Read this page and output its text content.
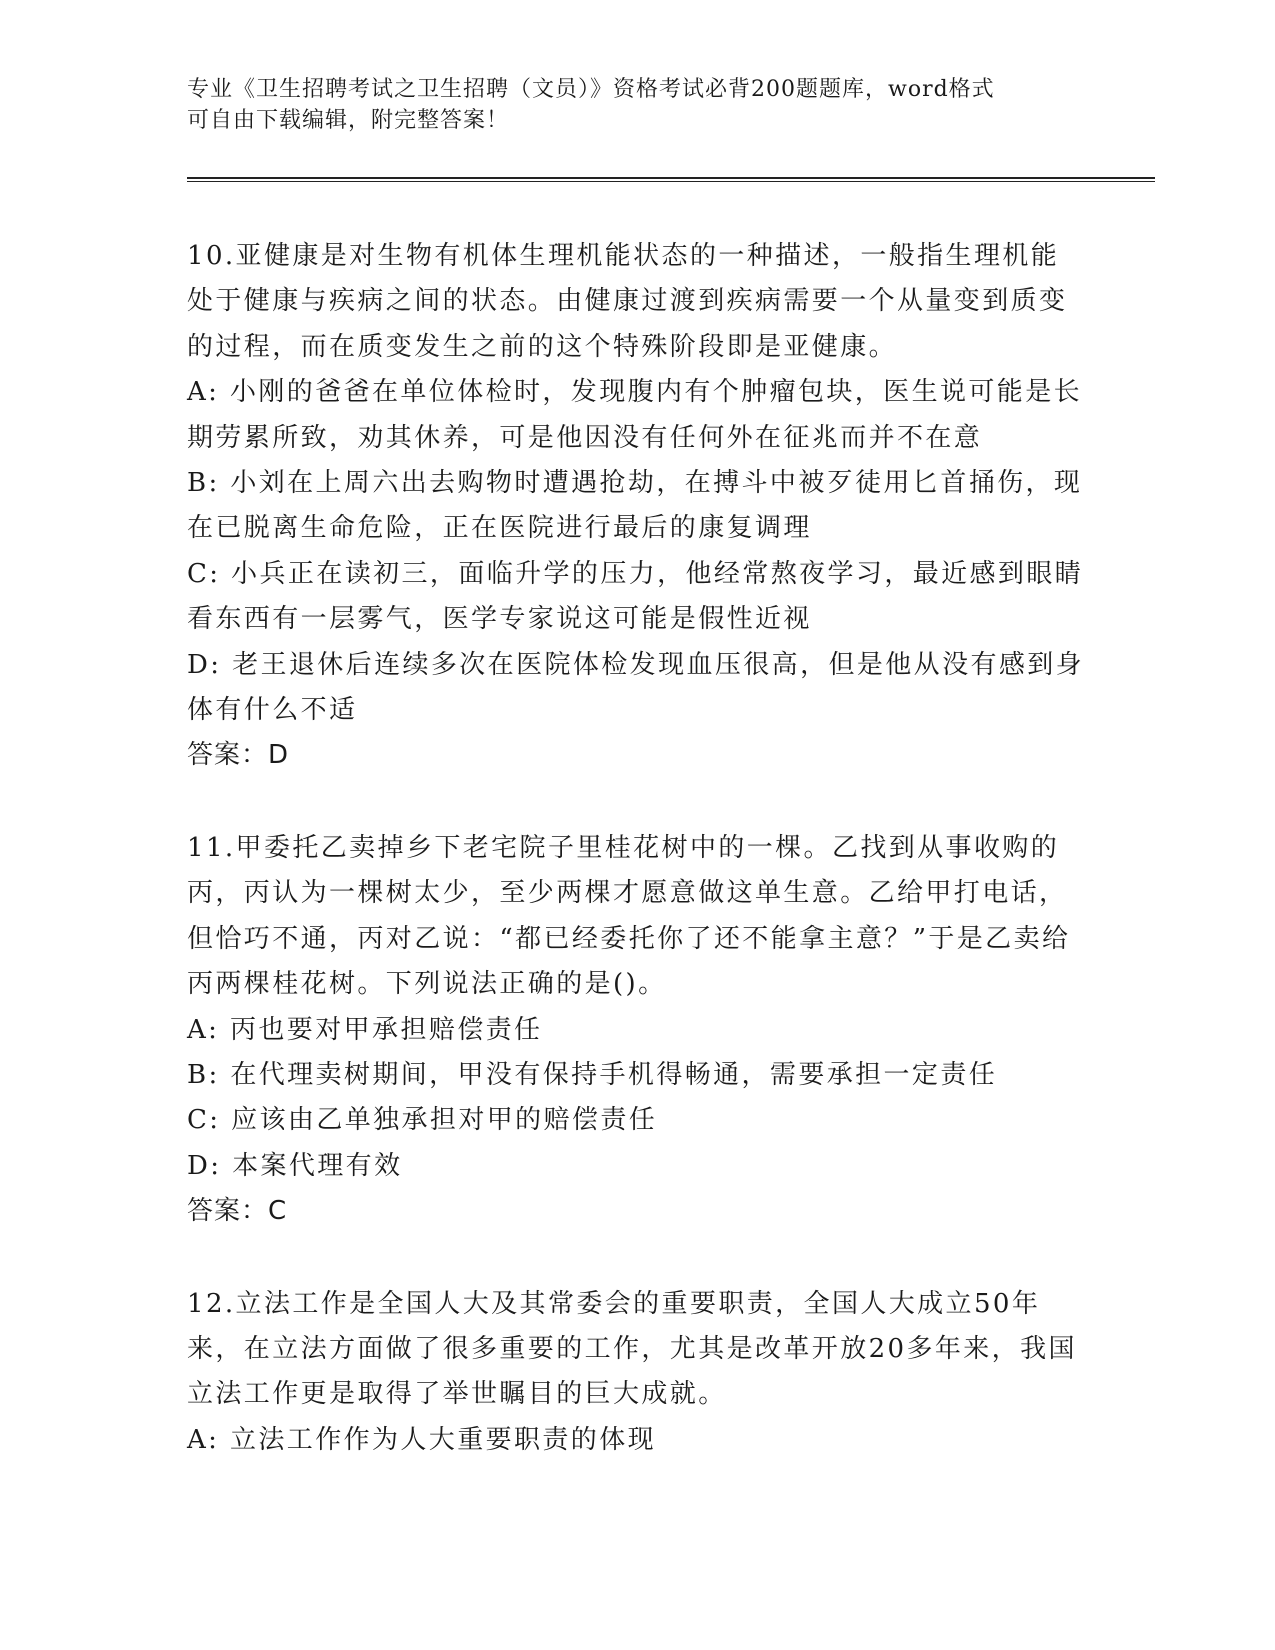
专业《卫生招聘考试之卫生招聘（文员）》资格考试必背200题题库，word格式
可自由下载编辑，附完整答案！

10.亚健康是对生物有机体生理机能状态的一种描述，一般指生理机能处于健康与疾病之间的状态。由健康过渡到疾病需要一个从量变到质变的过程，而在质变发生之前的这个特殊阶段即是亚健康。

A: 小刚的爸爸在单位体检时，发现腹内有个肿瘤包块，医生说可能是长期劳累所致，劝其休养，可是他因没有任何外在征兆而并不在意

B: 小刘在上周六出去购物时遭遇抢劫，在搏斗中被歹徒用匕首捅伤，现在已脱离生命危险，正在医院进行最后的康复调理

C: 小兵正在读初三，面临升学的压力，他经常熬夜学习，最近感到眼睛看东西有一层雾气，医学专家说这可能是假性近视

D: 老王退休后连续多次在医院体检发现血压很高，但是他从没有感到身体有什么不适

答案：D

11.甲委托乙卖掉乡下老宅院子里桂花树中的一棵。乙找到从事收购的丙，丙认为一棵树太少，至少两棵才愿意做这单生意。乙给甲打电话，但恰巧不通，丙对乙说：“都已经委托你了还不能拿主意？”于是乙卖给丙两棵桂花树。下列说法正确的是()。

A: 丙也要对甲承担赔偿责任

B: 在代理卖树期间，甲没有保持手机得畅通，需要承担一定责任

C: 应该由乙单独承担对甲的赔偿责任

D: 本案代理有效

答案：C

12.立法工作是全国人大及其常委会的重要职责，全国人大成立50年来，在立法方面做了很多重要的工作，尤其是改革开放20多年来，我国立法工作更是取得了举世瞩目的巨大成就。

A: 立法工作作为人大重要职责的体现
